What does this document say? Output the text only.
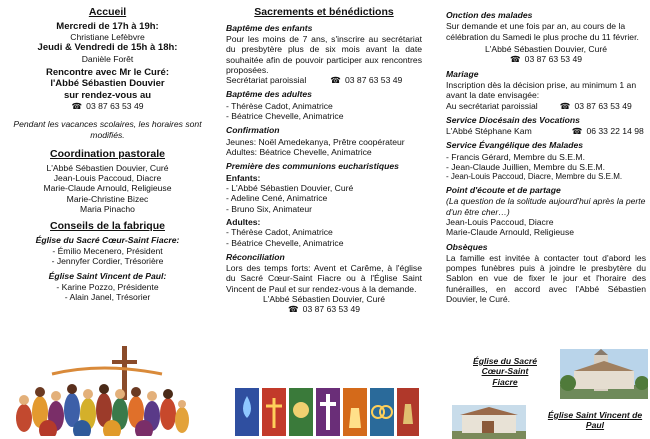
Accueil

Mercredi de 17h à 19h:

Christiane Lefèbvre

Jeudi & Vendredi de 15h à 18h:

Danièle Forêt

Rencontre avec Mr le Curé:

l'Abbé Sébastien Douvier

sur rendez-vous au

☎ 03 87 63 53 49

Pendant les vacances scolaires, les horaires sont modifiés.

Coordination pastorale

L'Abbé Sébastien Douvier, Curé

Jean-Louis Paccoud, Diacre

Marie-Claude Arnould, Religieuse

Marie-Christine Bizec

Maria Pinacho

Conseils de la fabrique

Église du Sacré Cœur-Saint Fiacre:

- Émilio Mecenero, Président

- Jennyfer Cordier, Trésorière

Église Saint Vincent de Paul:

- Karine Pozzo, Présidente

- Alain Janel, Trésorier

Sacrements et bénédictions

Baptême des enfants

Pour les moins de 7 ans, s'inscrire au secrétariat du presbytère plus de six mois avant la date souhaitée afin de pouvoir participer aux rencontres proposées.

Secrétariat paroissial	☎ 03 87 63 53 49

Baptême des adultes

- Thérèse Cadot, Animatrice

- Béatrice Chevelle, Animatrice

Confirmation

Jeunes: Noël Amedekanya, Prêtre coopérateur

Adultes: Béatrice Chevelle, Animatrice

Première des communions eucharistiques

Enfants:

- L'Abbé Sébastien Douvier, Curé

- Adeline Cené, Animatrice

- Bruno Six, Animateur

Adultes:

- Thérèse Cadot, Animatrice

- Béatrice Chevelle, Animatrice

Réconciliation

Lors des temps forts: Avent et Carême, à l'église du Sacré Cœur-Saint Fiacre ou à l'Église Saint Vincent de Paul et sur rendez-vous à la demande.

L'Abbé Sébastien Douvier, Curé

☎ 03 87 63 53 49

Onction des malades

Sur demande et une fois par an, au cours de la célébration du Samedi le plus proche du 11 février.

L'Abbé Sébastien Douvier, Curé

☎ 03 87 63 53 49

Mariage

Inscription dès la décision prise, au minimum 1 an avant la date envisagée:

Au secrétariat paroissial	☎ 03 87 63 53 49

Service Diocésain des Vocations

L'Abbé Stéphane Kam	☎ 06 33 22 14 98

Service Évangélique des Malades

- Francis Gérard, Membre du S.E.M.

- Jean-Claude Juillien, Membre du S.E.M.

- Jean-Louis Paccoud, Diacre, Membre du S.E.M.

Point d'écoute et de partage

(La question de la solitude aujourd'hui après la perte d'un être cher…)

Jean-Louis Paccoud, Diacre

Marie-Claude Arnould, Religieuse

Obsèques

La famille est invitée à contacter tout d'abord les pompes funèbres puis à joindre le presbytère du Sablon en vue de fixer le jour et l'horaire des funérailles, en accord avec l'Abbé Sébastien Douvier, le Curé.

Église du Sacré Cœur-Saint Fiacre

Église Saint Vincent de Paul
